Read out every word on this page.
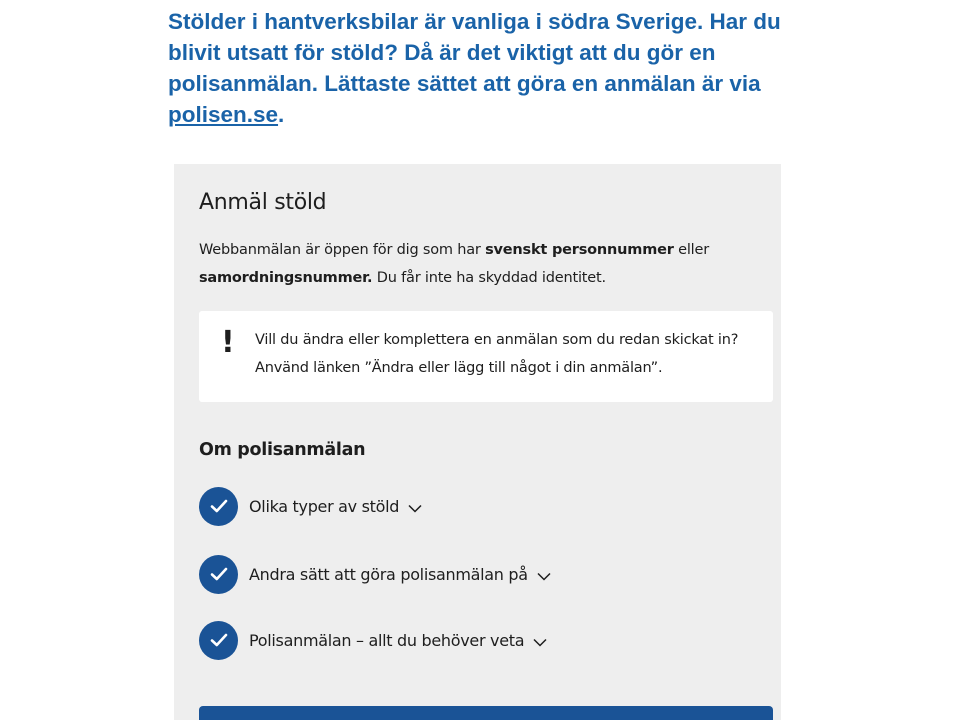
Stölder i hantverksbilar är vanliga i södra Sverige. Har du blivit utsatt för stöld? Då är det viktigt att du gör en polisanmälan. Lättaste sättet att göra en anmälan är via polisen.se.

Anmäl stöld

Webbanmälan är öppen för dig som har svenskt personnummer eller samordningsnummer. Du får inte ha skyddad identitet.

! Vill du ändra eller komplettera en anmälan som du redan skickat in? Använd länken ”Ändra eller lägg till något i din anmälan”.

Om polisanmälan
Olika typer av stöld
Andra sätt att göra polisanmälan på
Polisanmälan – allt du behöver veta
